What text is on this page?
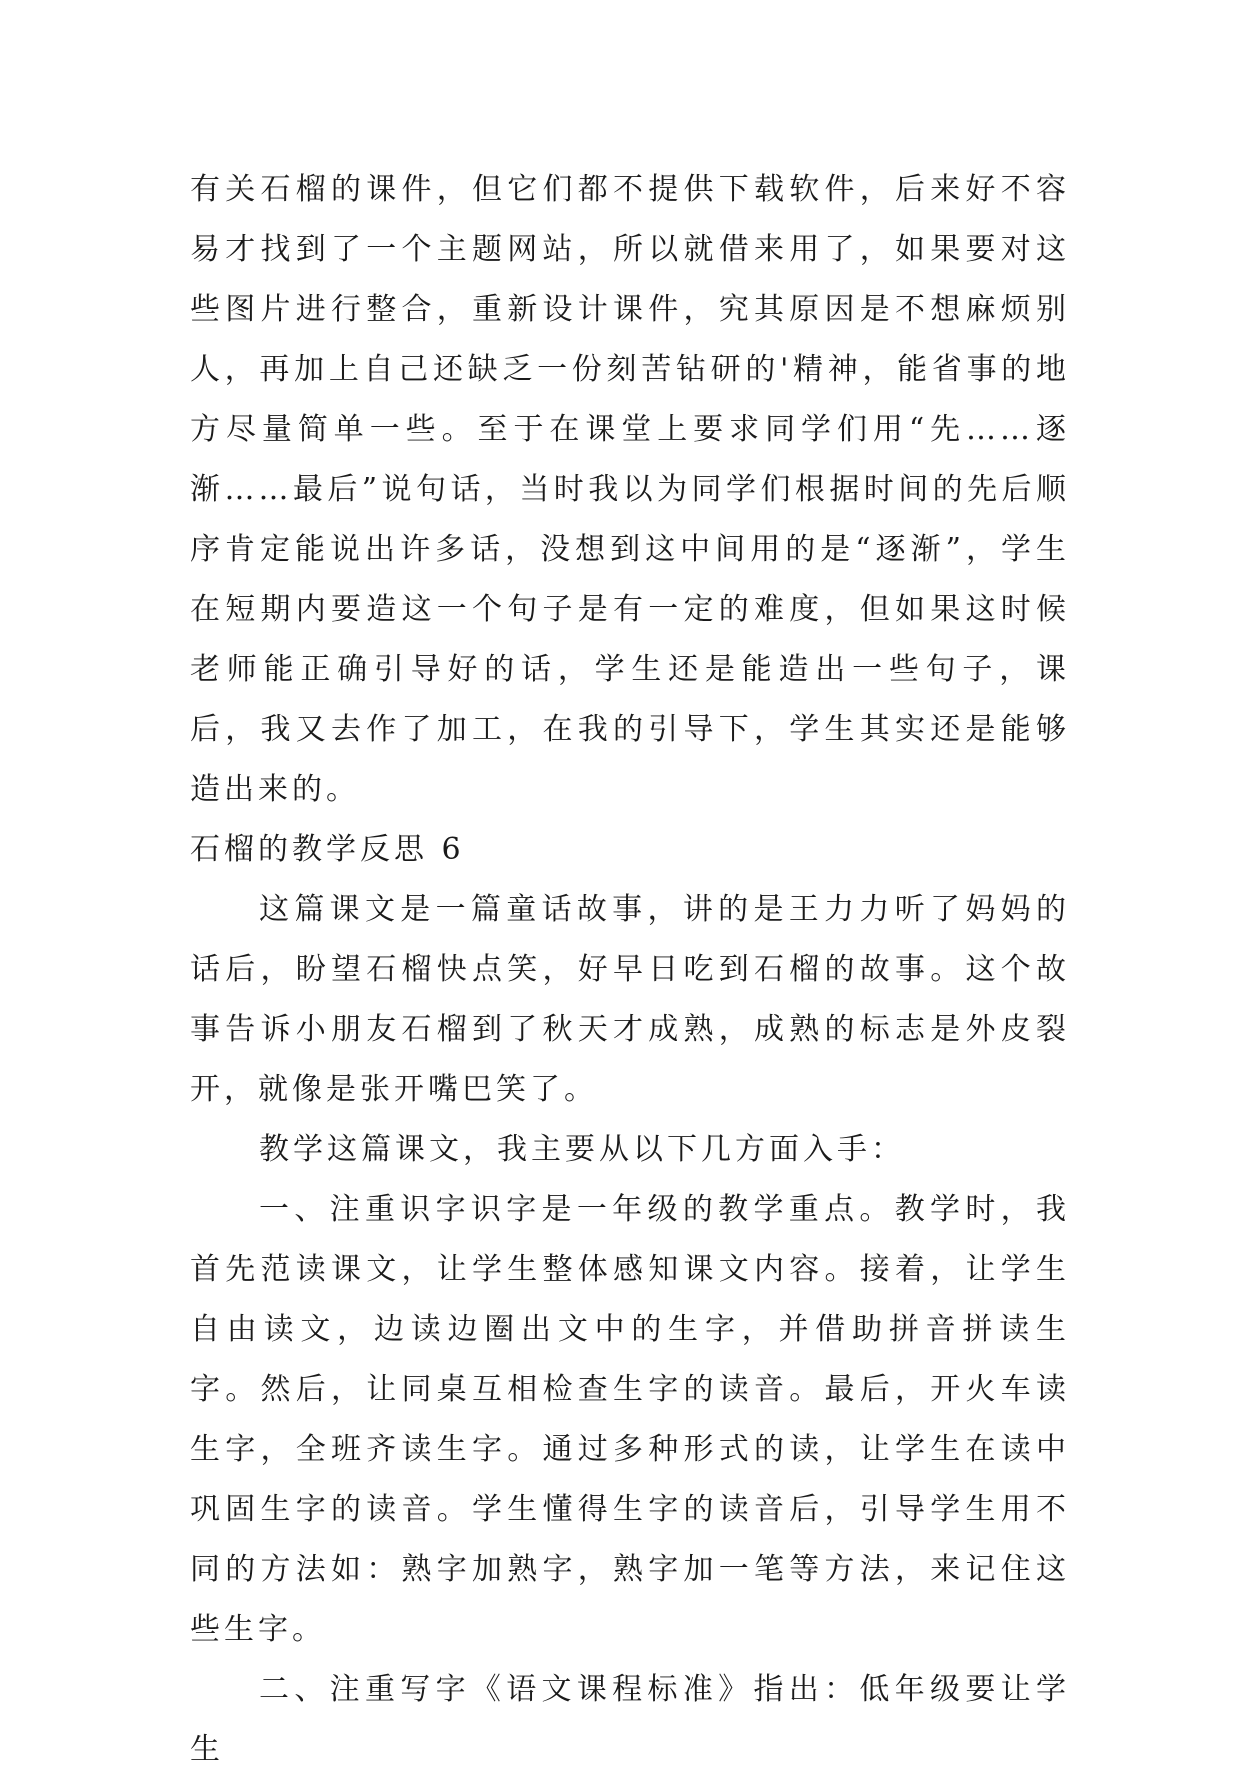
有关石榴的课件，但它们都不提供下载软件，后来好不容易才找到了一个主题网站，所以就借来用了，如果要对这些图片进行整合，重新设计课件，究其原因是不想麻烦别人，再加上自己还缺乏一份刻苦钻研的'精神，能省事的地方尽量简单一些。至于在课堂上要求同学们用“先……逐渐……最后”说句话，当时我以为同学们根据时间的先后顺序肯定能说出许多话，没想到这中间用的是“逐渐”，学生在短期内要造这一个句子是有一定的难度，但如果这时候老师能正确引导好的话，学生还是能造出一些句子，课后，我又去作了加工，在我的引导下，学生其实还是能够造出来的。

石榴的教学反思 6

这篇课文是一篇童话故事，讲的是王力力听了妈妈的话后，盼望石榴快点笑，好早日吃到石榴的故事。这个故事告诉小朋友石榴到了秋天才成熟，成熟的标志是外皮裂开，就像是张开嘴巴笑了。

教学这篇课文，我主要从以下几方面入手：

一、注重识字识字是一年级的教学重点。教学时，我首先范读课文，让学生整体感知课文内容。接着，让学生自由读文，边读边圈出文中的生字，并借助拼音拼读生字。然后，让同桌互相检查生字的读音。最后，开火车读生字，全班齐读生字。通过多种形式的读，让学生在读中巩固生字的读音。学生懂得生字的读音后，引导学生用不同的方法如：熟字加熟字，熟字加一笔等方法，来记住这些生字。

二、注重写字《语文课程标准》指出：低年级要让学生
